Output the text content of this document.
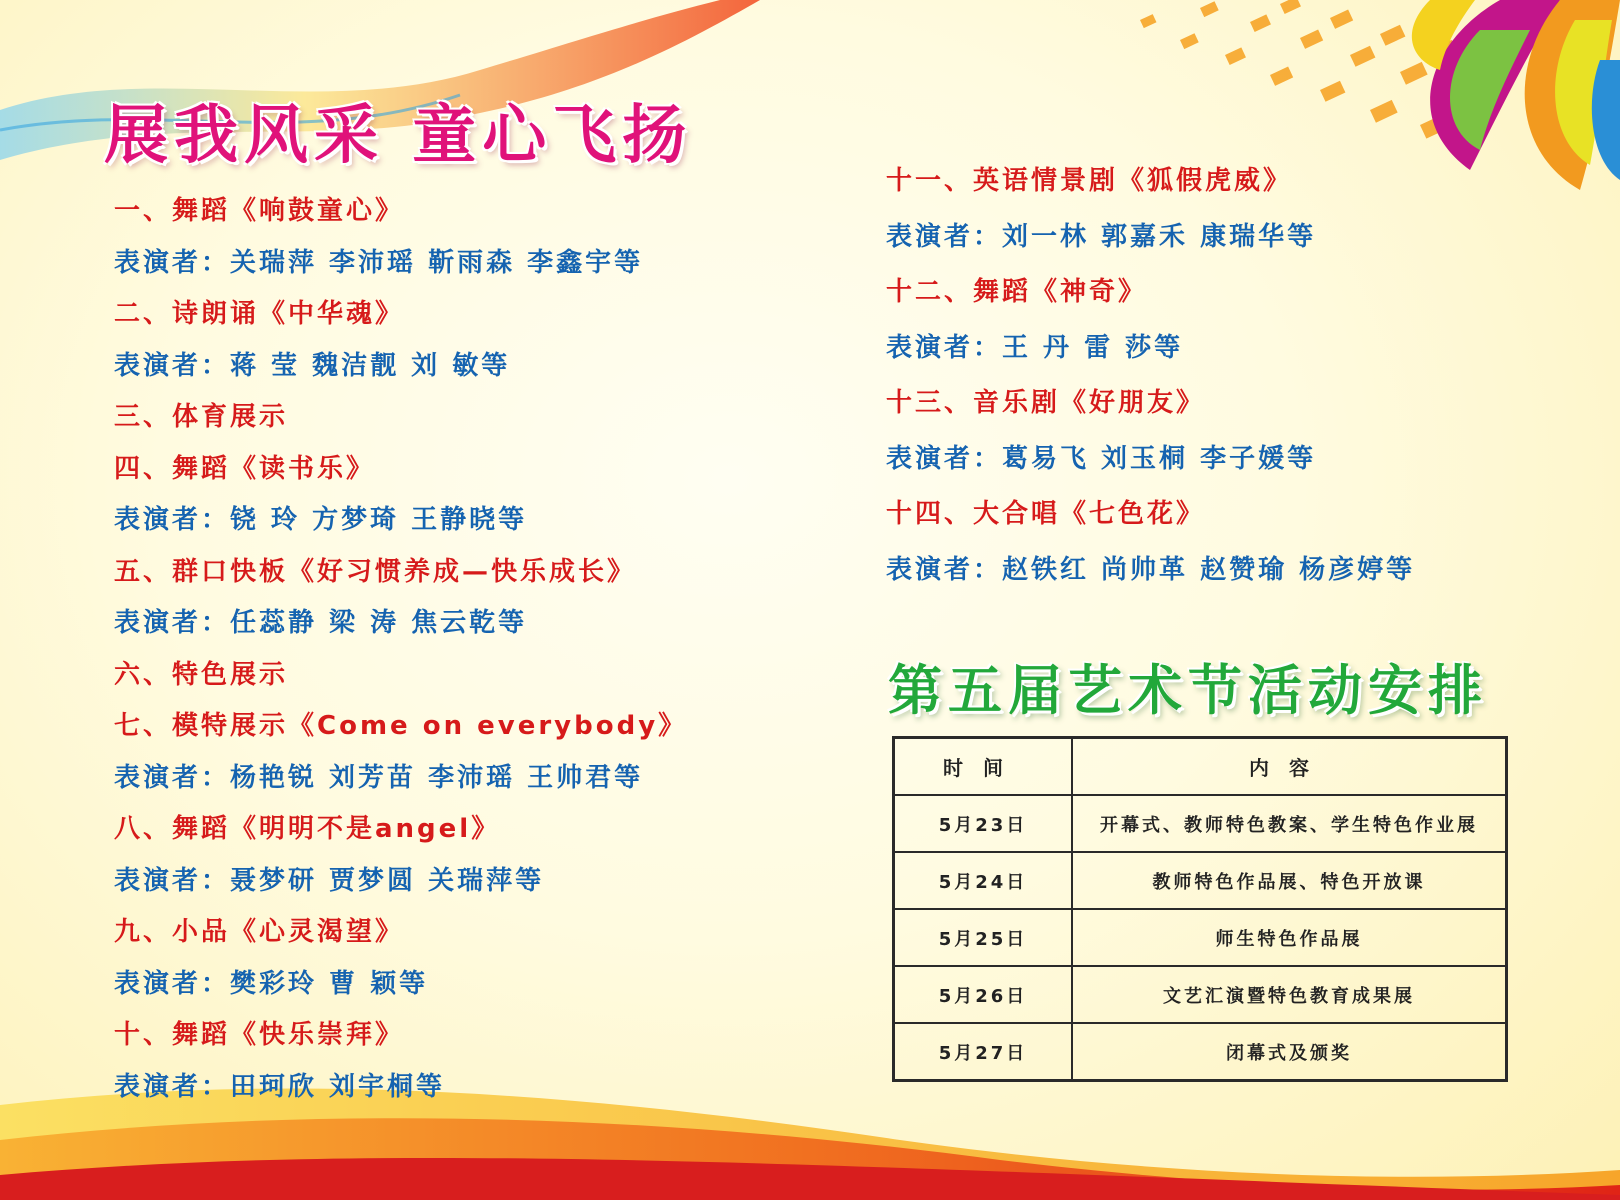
展我风采 童心飞扬
一、舞蹈《响鼓童心》
表演者：关瑞萍 李沛瑶 靳雨森 李鑫宇等
二、诗朗诵《中华魂》
表演者：蒋 莹 魏洁靓 刘 敏等
三、体育展示
四、舞蹈《读书乐》
表演者：铙 玲 方梦琦 王静晓等
五、群口快板《好习惯养成—快乐成长》
表演者：任蕊静 梁 涛 焦云乾等
六、特色展示
七、模特展示《Come on everybody》
表演者：杨艳锐 刘芳苗 李沛瑶 王帅君等
八、舞蹈《明明不是angel》
表演者：聂梦研 贾梦圆 关瑞萍等
九、小品《心灵渴望》
表演者：樊彩玲 曹 颖等
十、舞蹈《快乐崇拜》
表演者：田珂欣 刘宇桐等
十一、英语情景剧《狐假虎威》
表演者：刘一林 郭嘉禾 康瑞华等
十二、舞蹈《神奇》
表演者：王 丹 雷 莎等
十三、音乐剧《好朋友》
表演者：葛易飞 刘玉桐 李子媛等
十四、大合唱《七色花》
表演者：赵铁红 尚帅革 赵赞瑜 杨彦婷等
第五届艺术节活动安排
时间	内容
5月23日	开幕式、教师特色教案、学生特色作业展
5月24日	教师特色作品展、特色开放课
5月25日	师生特色作品展
5月26日	文艺汇演暨特色教育成果展
5月27日	闭幕式及颁奖
